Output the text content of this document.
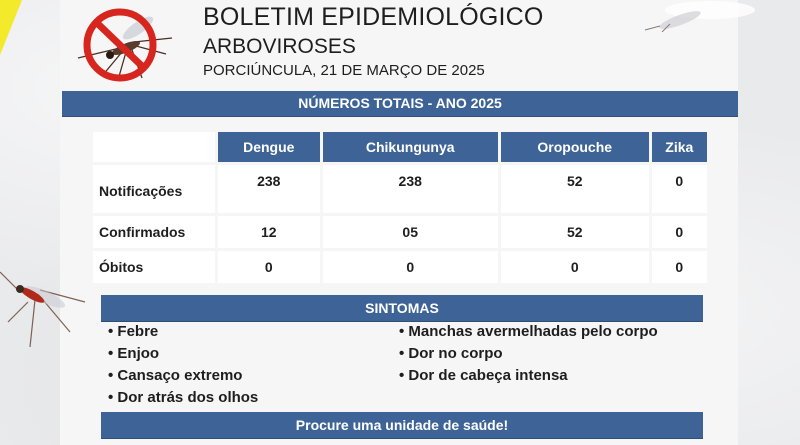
BOLETIM EPIDEMIOLÓGICO
ARBOVIROSES
PORCIÚNCULA, 21 DE MARÇO DE 2025
NÚMEROS TOTAIS - ANO 2025
	Dengue	Chikungunya	Oropouche	Zika
Notificações	238	238	52	0
Confirmados	12	05	52	0
Óbitos	0	0	0	0
SINTOMAS
• Febre
• Enjoo
• Cansaço extremo
• Dor atrás dos olhos
• Manchas avermelhadas pelo corpo
• Dor no corpo
• Dor de cabeça intensa
Procure uma unidade de saúde!
